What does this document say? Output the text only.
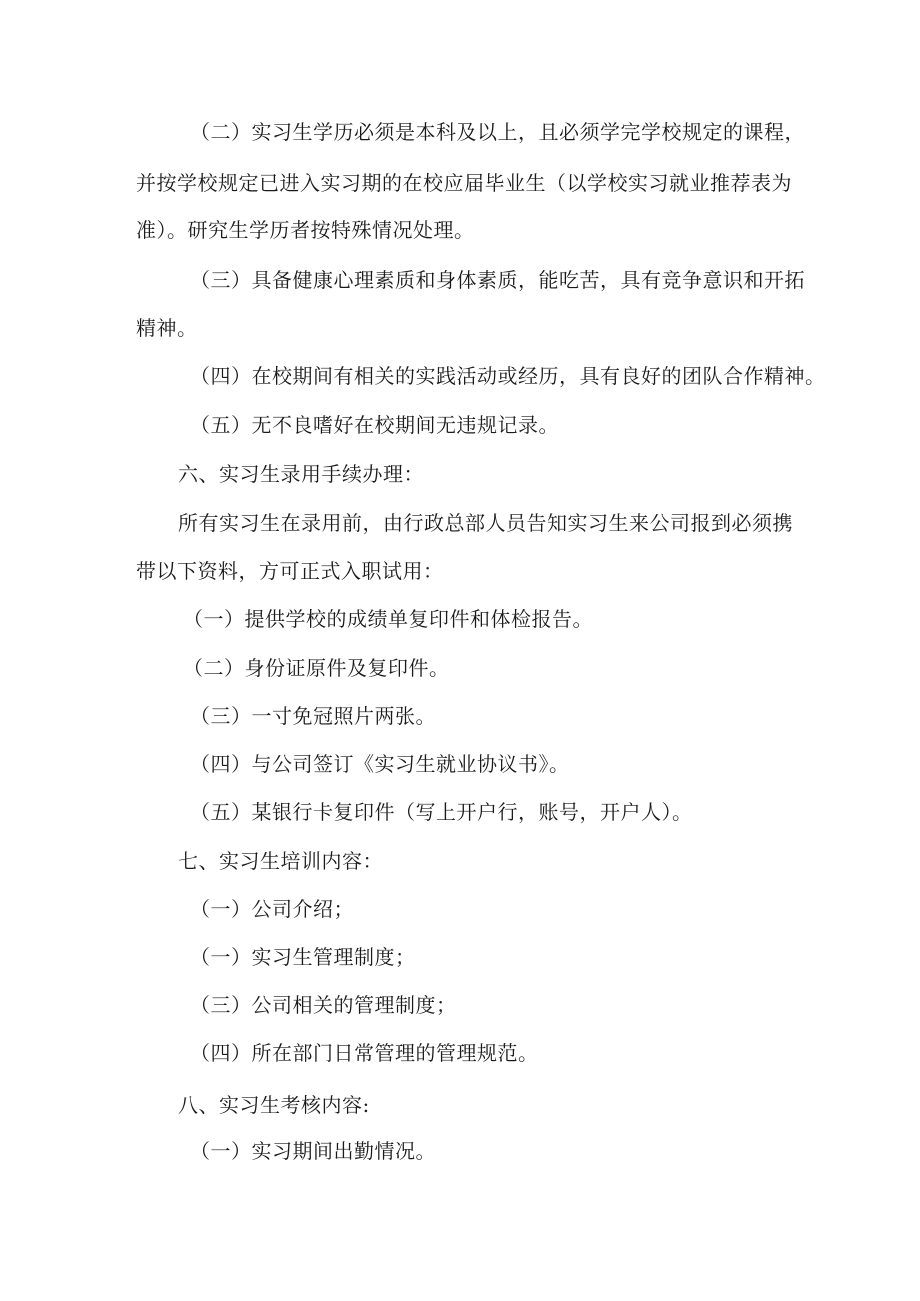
（二）实习生学历必须是本科及以上，且必须学完学校规定的课程，
并按学校规定已进入实习期的在校应届毕业生（以学校实习就业推荐表为
准）。研究生学历者按特殊情况处理。
（三）具备健康心理素质和身体素质，能吃苦，具有竞争意识和开拓
精神。
（四）在校期间有相关的实践活动或经历，具有良好的团队合作精神。
（五）无不良嗜好在校期间无违规记录。
六、实习生录用手续办理：
所有实习生在录用前，由行政总部人员告知实习生来公司报到必须携
带以下资料，方可正式入职试用：
（一）提供学校的成绩单复印件和体检报告。
（二）身份证原件及复印件。
（三）一寸免冠照片两张。
（四）与公司签订《实习生就业协议书》。
（五）某银行卡复印件（写上开户行，账号，开户人）。
七、实习生培训内容：
（一）公司介绍；
（一）实习生管理制度；
（三）公司相关的管理制度；
（四）所在部门日常管理的管理规范。
八、实习生考核内容:
（一）实习期间出勤情况。
